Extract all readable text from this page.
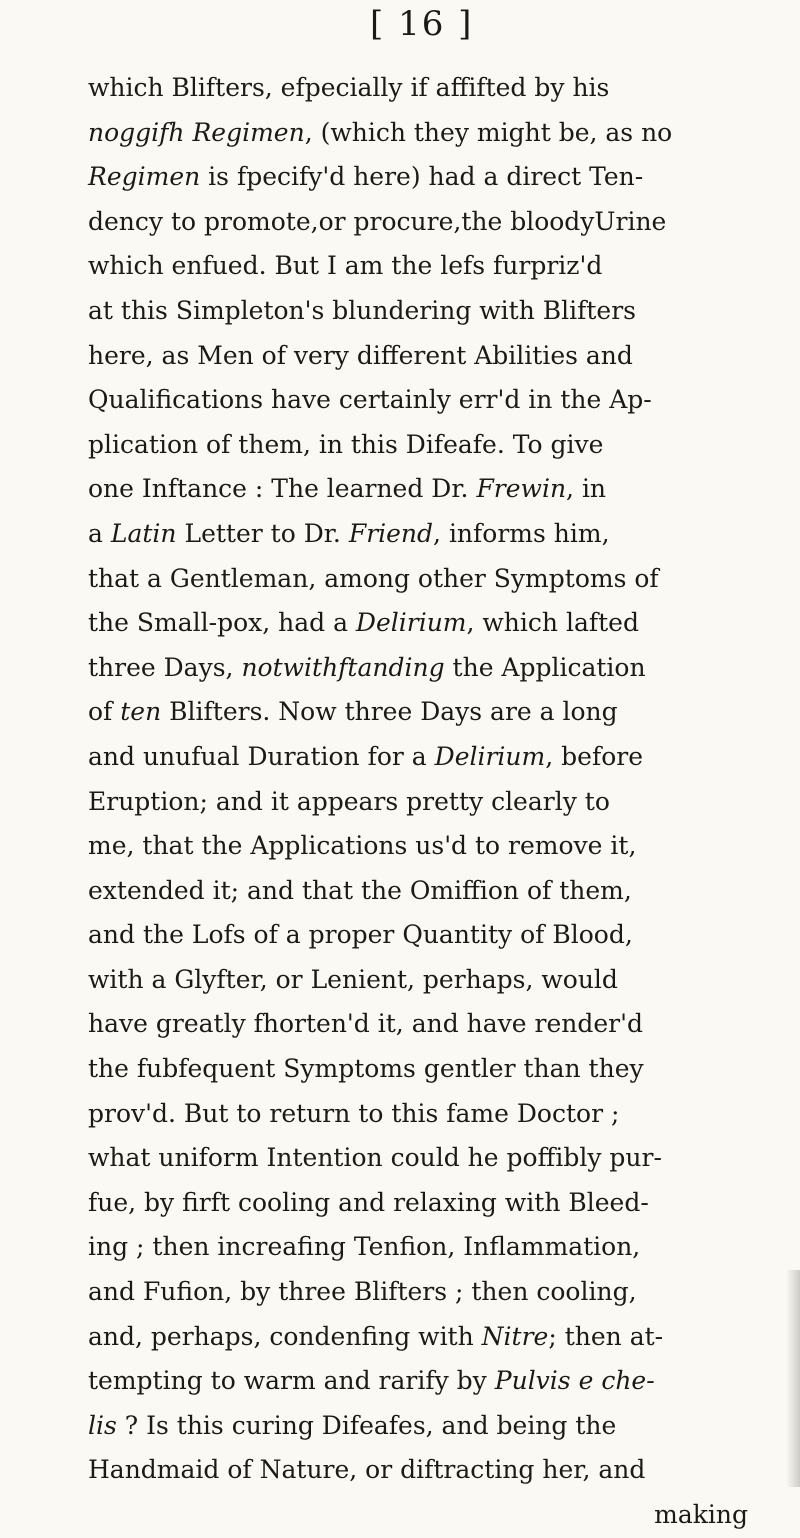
[ 16 ]
which Blifters, efpecially if affifted by his
noggifh Regimen, (which they might be, as no
Regimen is fpecify'd here) had a direct Ten-
dency to promote,or procure,the bloodyUrine
which enfued. But I am the lefs furpriz'd
at this Simpleton's blundering with Blifters
here, as Men of very different Abilities and
Qualifications have certainly err'd in the Ap-
plication of them, in this Difeafe. To give
one Inftance : The learned Dr. Frewin, in
a Latin Letter to Dr. Friend, informs him,
that a Gentleman, among other Symptoms of
the Small-pox, had a Delirium, which lafted
three Days, notwithftanding the Application
of ten Blifters. Now three Days are a long
and unufual Duration for a Delirium, before
Eruption; and it appears pretty clearly to
me, that the Applications us'd to remove it,
extended it; and that the Omiffion of them,
and the Lofs of a proper Quantity of Blood,
with a Glyfter, or Lenient, perhaps, would
have greatly fhorten'd it, and have render'd
the fubfequent Symptoms gentler than they
prov'd. But to return to this fame Doctor ;
what uniform Intention could he poffibly pur-
fue, by firft cooling and relaxing with Bleed-
ing ; then increafing Tenfion, Inflammation,
and Fufion, by three Blifters ; then cooling,
and, perhaps, condenfing with Nitre; then at-
tempting to warm and rarify by Pulvis e che-
lis ? Is this curing Difeafes, and being the
Handmaid of Nature, or diftracting her, and
making
